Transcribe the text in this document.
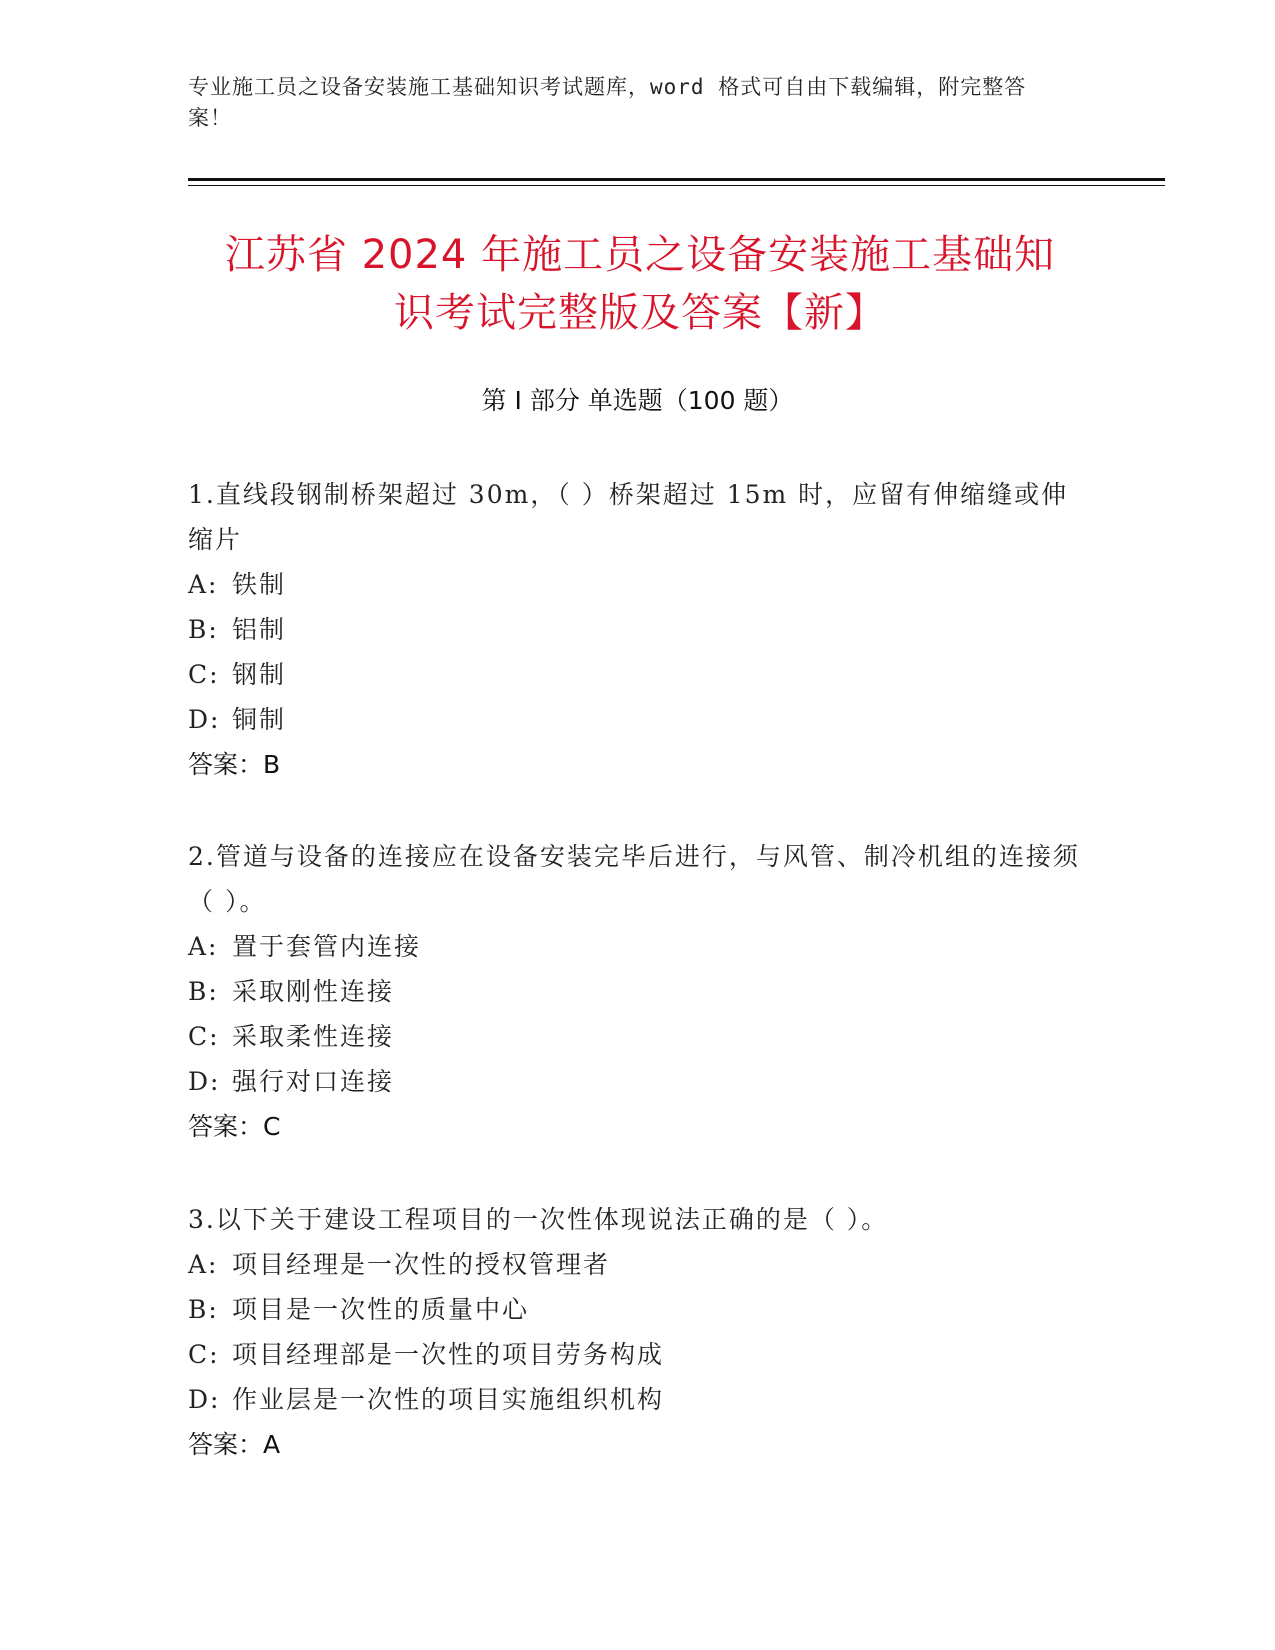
专业施工员之设备安装施工基础知识考试题库，word 格式可自由下载编辑，附完整答案！
江苏省 2024 年施工员之设备安装施工基础知
识考试完整版及答案【新】
第 I 部分 单选题（100 题）
1.直线段钢制桥架超过 30m，（ ）桥架超过 15m 时，应留有伸缩缝或伸缩片
A: 铁制
B: 铝制
C: 钢制
D: 铜制
答案：B
2.管道与设备的连接应在设备安装完毕后进行，与风管、制冷机组的连接须（ ）。
A: 置于套管内连接
B: 采取刚性连接
C: 采取柔性连接
D: 强行对口连接
答案：C
3.以下关于建设工程项目的一次性体现说法正确的是（ ）。
A: 项目经理是一次性的授权管理者
B: 项目是一次性的质量中心
C: 项目经理部是一次性的项目劳务构成
D: 作业层是一次性的项目实施组织机构
答案：A
